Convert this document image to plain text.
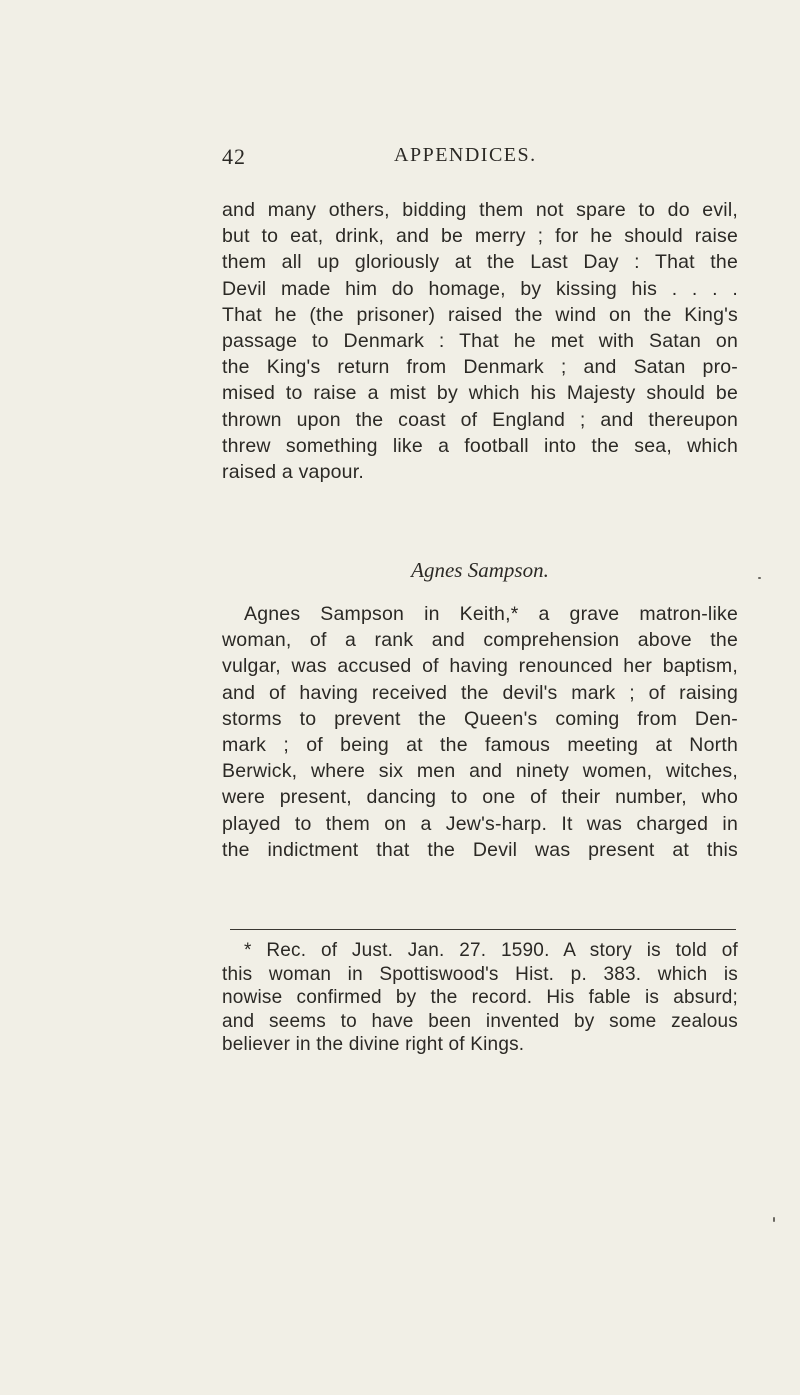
42	APPENDICES.
and many others, bidding them not spare to do evil,
but to eat, drink, and be merry ; for he should raise
them all up gloriously at the Last Day : That the
Devil made him do homage, by kissing his . . . .
That he (the prisoner) raised the wind on the King's
passage to Denmark : That he met with Satan on
the King's return from Denmark ; and Satan pro-
mised to raise a mist by which his Majesty should be
thrown upon the coast of England ; and thereupon
threw something like a football into the sea, which
raised a vapour.
Agnes Sampson.
Agnes Sampson in Keith,* a grave matron-like
woman, of a rank and comprehension above the
vulgar, was accused of having renounced her baptism,
and of having received the devil's mark ; of raising
storms to prevent the Queen's coming from Den-
mark ; of being at the famous meeting at North
Berwick, where six men and ninety women, witches,
were present, dancing to one of their number, who
played to them on a Jew's-harp. It was charged in
the indictment that the Devil was present at this
* Rec. of Just. Jan. 27. 1590. A story is told of
this woman in Spottiswood's Hist. p. 383. which is
nowise confirmed by the record. His fable is absurd;
and seems to have been invented by some zealous
believer in the divine right of Kings.
